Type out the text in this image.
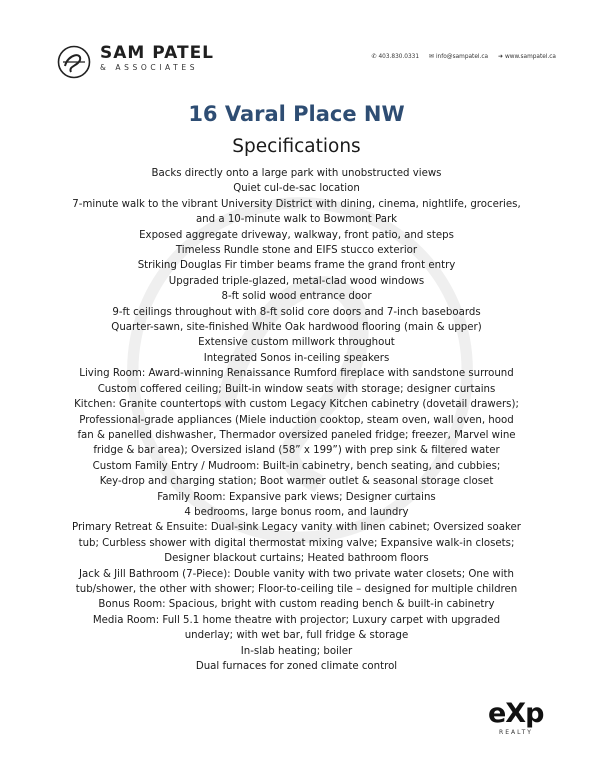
SAM PATEL
& ASSOCIATES
✆ 403.830.0331 ✉ info@sampatel.ca ➜ www.sampatel.ca
16 Varal Place NW
Specifications
Backs directly onto a large park with unobstructed views
Quiet cul-de-sac location
7-minute walk to the vibrant University District with dining, cinema, nightlife, groceries,
and a 10-minute walk to Bowmont Park
Exposed aggregate driveway, walkway, front patio, and steps
Timeless Rundle stone and EIFS stucco exterior
Striking Douglas Fir timber beams frame the grand front entry
Upgraded triple-glazed, metal-clad wood windows
8-ft solid wood entrance door
9-ft ceilings throughout with 8-ft solid core doors and 7-inch baseboards
Quarter-sawn, site-finished White Oak hardwood flooring (main & upper)
Extensive custom millwork throughout
Integrated Sonos in-ceiling speakers
Living Room: Award-winning Renaissance Rumford fireplace with sandstone surround
Custom coffered ceiling; Built-in window seats with storage; designer curtains
Kitchen: Granite countertops with custom Legacy Kitchen cabinetry (dovetail drawers);
Professional-grade appliances (Miele induction cooktop, steam oven, wall oven, hood
fan & panelled dishwasher, Thermador oversized paneled fridge; freezer, Marvel wine
fridge & bar area); Oversized island (58” x 199”) with prep sink & filtered water
Custom Family Entry / Mudroom: Built-in cabinetry, bench seating, and cubbies;
Key-drop and charging station; Boot warmer outlet & seasonal storage closet
Family Room: Expansive park views; Designer curtains
4 bedrooms, large bonus room, and laundry
Primary Retreat & Ensuite: Dual-sink Legacy vanity with linen cabinet; Oversized soaker
tub; Curbless shower with digital thermostat mixing valve; Expansive walk-in closets;
Designer blackout curtains; Heated bathroom floors
Jack & Jill Bathroom (7-Piece): Double vanity with two private water closets; One with
tub/shower, the other with shower; Floor-to-ceiling tile – designed for multiple children
Bonus Room: Spacious, bright with custom reading bench & built-in cabinetry
Media Room: Full 5.1 home theatre with projector; Luxury carpet with upgraded
underlay; with wet bar, full fridge & storage
In-slab heating; boiler
Dual furnaces for zoned climate control
eXp
REALTY
